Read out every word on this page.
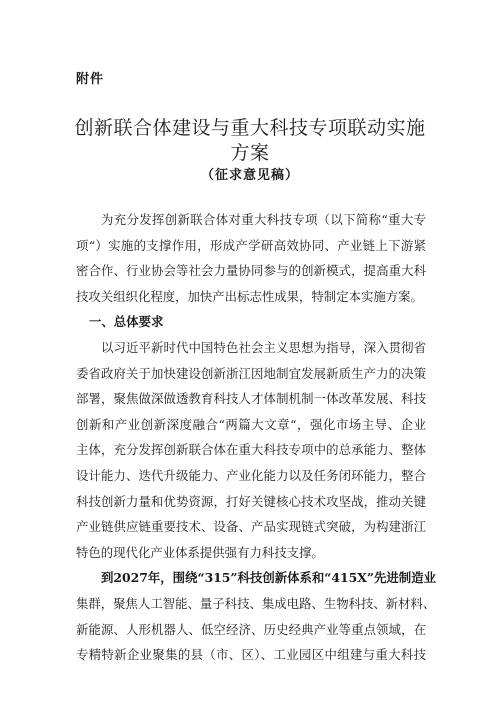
附件
创新联合体建设与重大科技专项联动实施
方案
（征求意见稿）
为充分发挥创新联合体对重大科技专项（以下简称“重大专
项“）实施的支撑作用，形成产学研高效协同、产业链上下游紧
密合作、行业协会等社会力量协同参与的创新模式，提高重大科
技攻关组织化程度，加快产出标志性成果，特制定本实施方案。
一、总体要求
以习近平新时代中国特色社会主义思想为指导，深入贯彻省
委省政府关于加快建设创新浙江因地制宜发展新质生产力的决策
部署，聚焦做深做透教育科技人才体制机制一体改革发展、科技
创新和产业创新深度融合“两篇大文章“，强化市场主导、企业
主体，充分发挥创新联合体在重大科技专项中的总承能力、整体
设计能力、迭代升级能力、产业化能力以及任务闭环能力，整合
科技创新力量和优势资源，打好关键核心技术攻坚战，推动关键
产业链供应链重要技术、设备、产品实现链式突破，为构建浙江
特色的现代化产业体系提供强有力科技支撑。
到2027年，围绕“315”科技创新体系和“415X”先进制造业
集群，聚焦人工智能、量子科技、集成电路、生物科技、新材料、
新能源、人形机器人、低空经济、历史经典产业等重点领域，在
专精特新企业聚集的县（市、区）、工业园区中组建与重大科技
